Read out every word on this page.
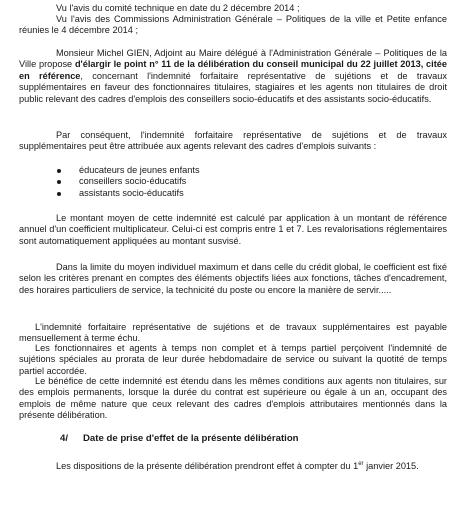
Vu l'avis du comité technique en date du 2 décembre 2014 ;

Vu l'avis des Commissions Administration Générale – Politiques de la ville et Petite enfance réunies le 4 décembre 2014 ;

Monsieur Michel GIEN, Adjoint au Maire délégué à l'Administration Générale – Politiques de la Ville propose d'élargir le point n° 11 de la délibération du conseil municipal du 22 juillet 2013, citée en référence, concernant l'indemnité forfaitaire représentative de sujétions et de travaux supplémentaires en faveur des fonctionnaires titulaires, stagiaires et les agents non titulaires de droit public relevant des cadres d'emplois des conseillers socio-éducatifs et des assistants socio-éducatifs.

Par conséquent, l'indemnité forfaitaire représentative de sujétions et de travaux supplémentaires peut être attribuée aux agents relevant des cadres d'emplois suivants :

éducateurs de jeunes enfants
conseillers socio-éducatifs
assistants socio-éducatifs

Le montant moyen de cette indemnité est calculé par application à un montant de référence annuel d'un coefficient multiplicateur. Celui-ci est compris entre 1 et 7. Les revalorisations réglementaires sont automatiquement appliquées au montant susvisé.

Dans la limite du moyen individuel maximum et dans celle du crédit global, le coefficient est fixé selon les critères prenant en comptes des éléments objectifs liées aux fonctions, tâches d'encadrement, des horaires particuliers de service, la technicité du poste ou encore la manière de servir.....

L'indemnité forfaitaire représentative de sujétions et de travaux supplémentaires est payable mensuellement à terme échu.

Les fonctionnaires et agents à temps non complet et à temps partiel perçoivent l'indemnité de sujétions spéciales au prorata de leur durée hebdomadaire de service ou suivant la quotité de temps partiel accordée.

Le bénéfice de cette indemnité est étendu dans les mêmes conditions aux agents non titulaires, sur des emplois permanents, lorsque la durée du contrat est supérieure ou égale à un an, occupant des emplois de même nature que ceux relevant des cadres d'emplois attributaires mentionnés dans la présente délibération.

4/ Date de prise d'effet de la présente délibération

Les dispositions de la présente délibération prendront effet à compter du 1er janvier 2015.
